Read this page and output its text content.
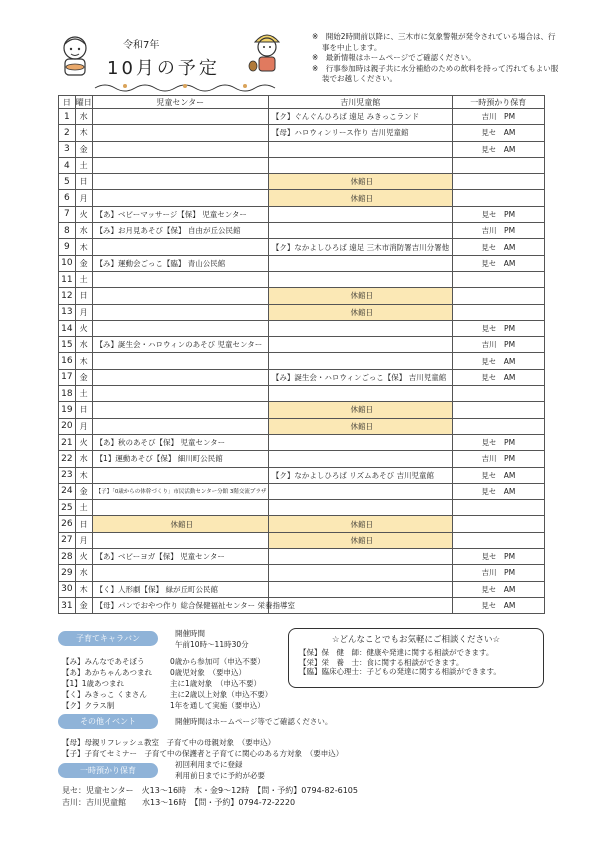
令和7年
10月の予定
※　開始2時間前以降に、三木市に気象警報が発令されている場合は、行事を中止します。
※　最新情報はホームページでご確認ください。
※　行事参加時は親子共に水分補給のための飲料を持って汚れてもよい服装でお越しください。
日	曜日	児童センター	吉川児童館	一時預かり保育
1	水		【ク】ぐんぐんひろば 遠足 みきっこランド	吉川　PM
2	木		【母】ハロウィンリース作り 吉川児童館	見セ　AM
3	金			見セ　AM
4	土			
5	日		休館日	
6	月		休館日	
7	火	【あ】ベビーマッサージ【保】 児童センター		見セ　PM
8	水	【み】お月見あそび【保】 自由が丘公民館		吉川　PM
9	木		【ク】なかよしひろば 遠足 三木市消防署吉川分署他	見セ　AM
10	金	【み】運動会ごっこ【臨】 青山公民館		見セ　AM
11	土			
12	日		休館日	
13	月		休館日	
14	火			見セ　PM
15	水	【み】誕生会・ハロウィンのあそび 児童センター		吉川　PM
16	木			見セ　AM
17	金		【み】誕生会・ハロウィンごっこ【保】 吉川児童館	見セ　AM
18	土			
19	日		休館日	
20	月		休館日	
21	火	【あ】秋のあそび【保】 児童センター		見セ　PM
22	水	【1】運動あそび【保】 細川町公民館		吉川　PM
23	木		【ク】なかよしひろば リズムあそび 吉川児童館	見セ　AM
24	金	【子】「0歳からの体幹づくり」市民活動センター分館 3階交流プラザ		見セ　AM
25	土			
26	日	休館日	休館日	
27	月		休館日	
28	火	【あ】ベビーヨガ【保】 児童センター		見セ　PM
29	水			吉川　PM
30	木	【く】人形劇【保】 緑が丘町公民館		見セ　AM
31	金	【母】パンでおやつ作り 総合保健福祉センター 栄養指導室		見セ　AM
子育てキャラバン
開催時間
午前10時～11時30分
【み】みんなであそぼう	0歳から参加可（申込不要）
【あ】あかちゃんあつまれ	0歳児対象　（要申込）
【1】1歳あつまれ	主に1歳対象　（申込不要）
【く】みきっこ くまさん	主に2歳以上対象（申込不要）
【ク】クラス制	1年を通して実施（要申込）
☆どんなことでもお気軽にご相談ください☆
【保】保　健　師：健康や発達に関する相談ができます。
【栄】栄　養　士：食に関する相談ができます。
【臨】臨床心理士：子どもの発達に関する相談ができます。
その他イベント	開催時間はホームページ等でご確認ください。
【母】母親リフレッシュ教室　子育て中の母親対象　（要申込）
【子】子育てセミナー　子育て中の保護者と子育てに関心のある方対象　（要申込）
一時預かり保育
初回利用までに登録
利用前日までに予約が必要
見セ：児童センター　火13～16時　木・金9～12時　【問・予約】0794-82-6105
吉川：吉川児童館　　水13～16時　【問・予約】0794-72-2220
